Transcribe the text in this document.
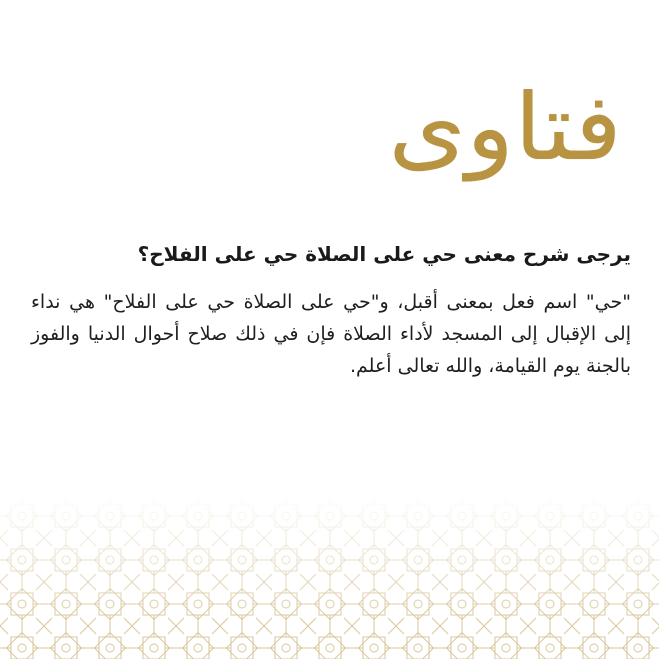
فتاوى
يرجى شرح معنى حي على الصلاة حي على الفلاح؟

"حي" اسم فعل بمعنى أقبل، و"حي على الصلاة حي على الفلاح" هي نداء إلى الإقبال إلى المسجد لأداء الصلاة فإن في ذلك صلاح أحوال الدنيا والفوز بالجنة يوم القيامة، والله تعالى أعلم.
